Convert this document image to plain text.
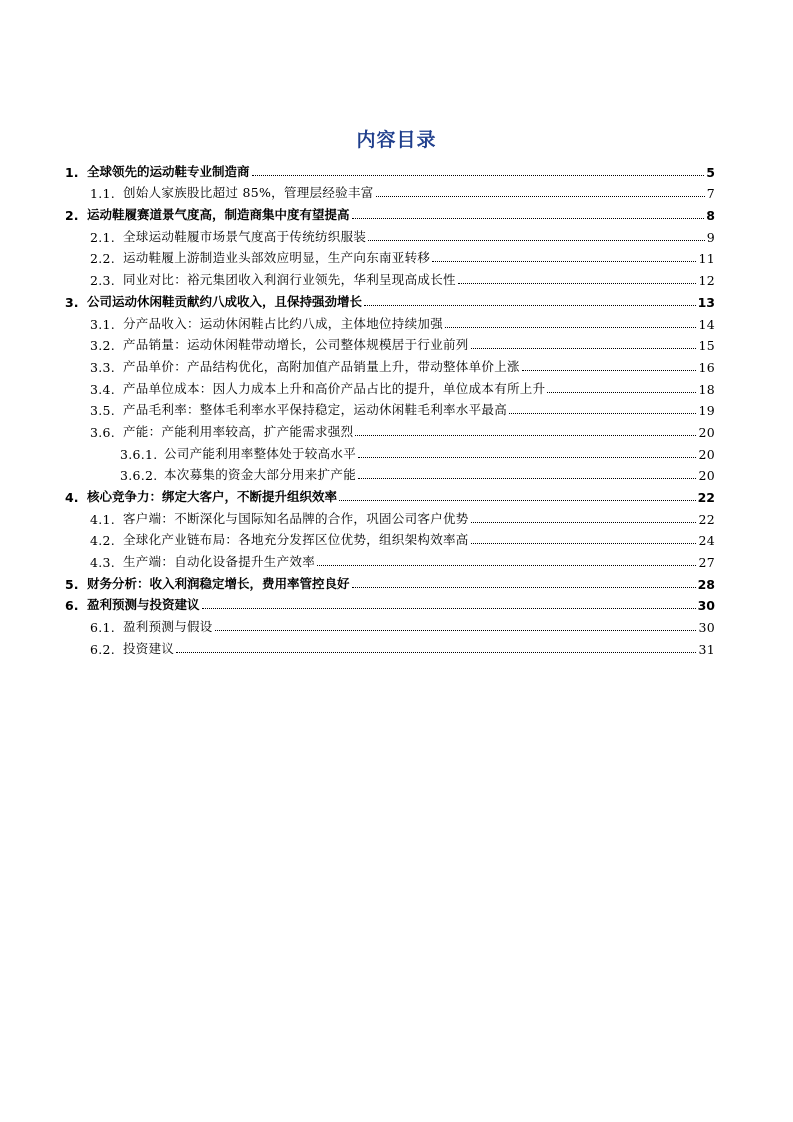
内容目录
1. 全球领先的运动鞋专业制造商	5
1.1. 创始人家族股比超过 85%，管理层经验丰富	7
2. 运动鞋履赛道景气度高，制造商集中度有望提高	8
2.1. 全球运动鞋履市场景气度高于传统纺织服装	9
2.2. 运动鞋履上游制造业头部效应明显，生产向东南亚转移	11
2.3. 同业对比：裕元集团收入利润行业领先，华利呈现高成长性	12
3. 公司运动休闲鞋贡献约八成收入，且保持强劲增长	13
3.1. 分产品收入：运动休闲鞋占比约八成，主体地位持续加强	14
3.2. 产品销量：运动休闲鞋带动增长，公司整体规模居于行业前列	15
3.3. 产品单价：产品结构优化，高附加值产品销量上升，带动整体单价上涨	16
3.4. 产品单位成本：因人力成本上升和高价产品占比的提升，单位成本有所上升	18
3.5. 产品毛利率：整体毛利率水平保持稳定，运动休闲鞋毛利率水平最高	19
3.6. 产能：产能利用率较高，扩产能需求强烈	20
3.6.1. 公司产能利用率整体处于较高水平	20
3.6.2. 本次募集的资金大部分用来扩产能	20
4. 核心竞争力：绑定大客户，不断提升组织效率	22
4.1. 客户端：不断深化与国际知名品牌的合作，巩固公司客户优势	22
4.2. 全球化产业链布局：各地充分发挥区位优势，组织架构效率高	24
4.3. 生产端：自动化设备提升生产效率	27
5. 财务分析：收入利润稳定增长，费用率管控良好	28
6. 盈利预测与投资建议	30
6.1. 盈利预测与假设	30
6.2. 投资建议	31
